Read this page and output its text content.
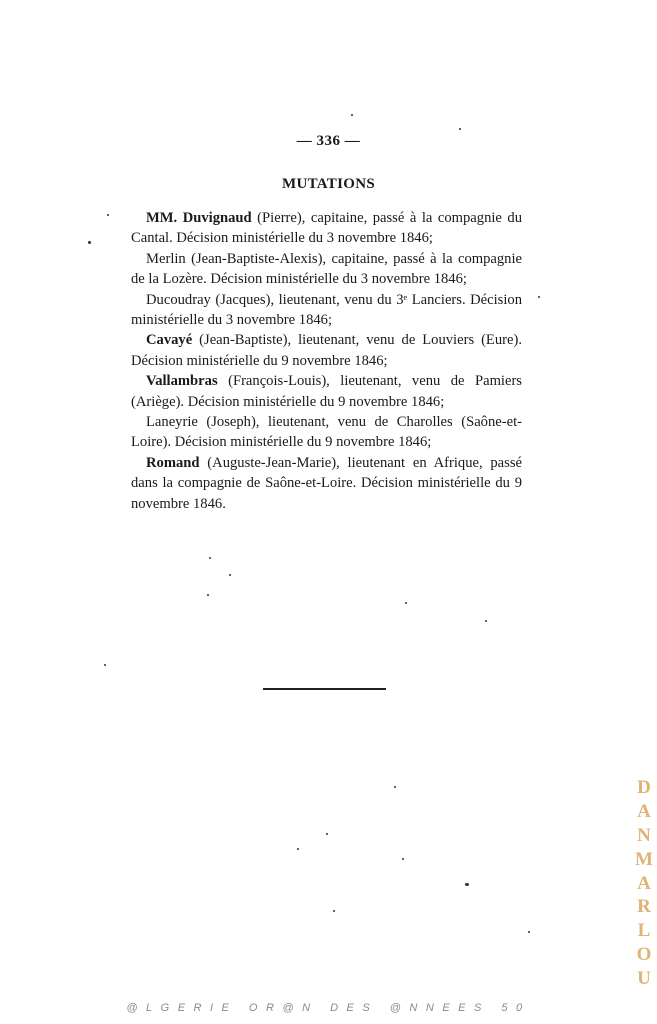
— 336 —
MUTATIONS

MM. Duvignaud (Pierre), capitaine, passé à la compagnie du Cantal. Décision ministérielle du 3 novembre 1846;

Merlin (Jean-Baptiste-Alexis), capitaine, passé à la compagnie de la Lozère. Décision ministérielle du 3 novembre 1846;

Ducoudray (Jacques), lieutenant, venu du 3ᵉ Lanciers. Décision ministérielle du 3 novembre 1846;

Cavayé (Jean-Baptiste), lieutenant, venu de Louviers (Eure). Décision ministérielle du 9 novembre 1846;

Vallambras (François-Louis), lieutenant, venu de Pamiers (Ariège). Décision ministérielle du 9 novembre 1846;

Laneyrie (Joseph), lieutenant, venu de Charolles (Saône-et-Loire). Décision ministérielle du 9 novembre 1846;

Romand (Auguste-Jean-Marie), lieutenant en Afrique, passé dans la compagnie de Saône-et-Loire. Décision ministérielle du 9 novembre 1846.

D
A
N
M
A
R
L
O
U
@LGERIE OR@N DES @NNEES 50
